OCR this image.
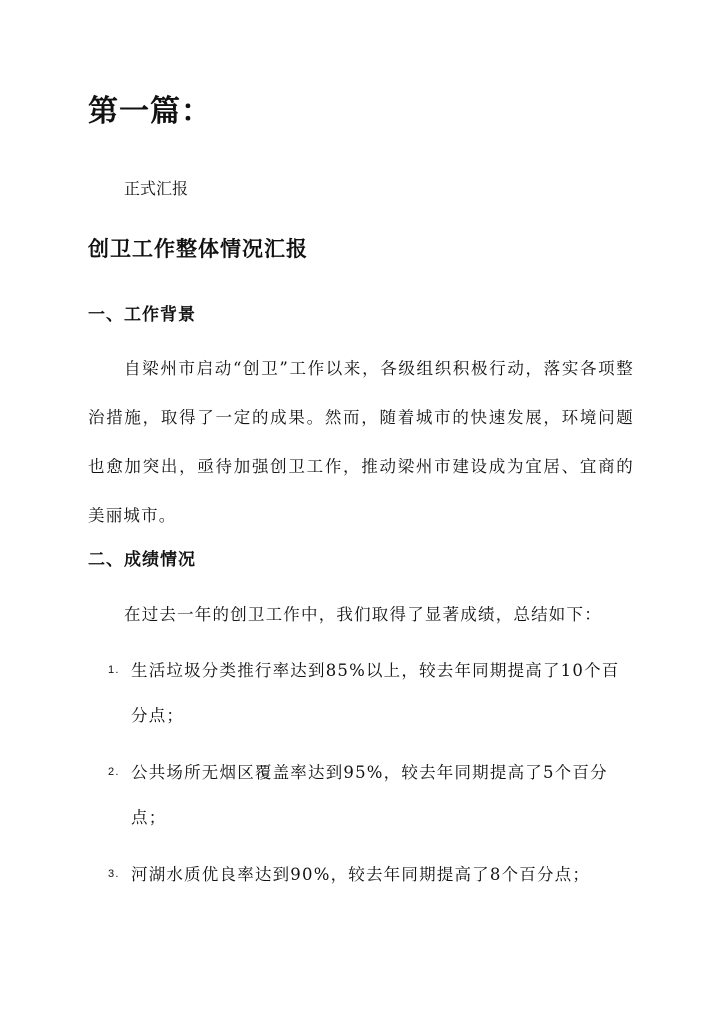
第一篇：

正式汇报

创卫工作整体情况汇报
一、工作背景

自梁州市启动“创卫”工作以来，各级组织积极行动，落实各项整治措施，取得了一定的成果。然而，随着城市的快速发展，环境问题也愈加突出，亟待加强创卫工作，推动梁州市建设成为宜居、宜商的美丽城市。

二、成绩情况

在过去一年的创卫工作中，我们取得了显著成绩，总结如下：

1. 生活垃圾分类推行率达到85%以上，较去年同期提高了10个百分点；
2. 公共场所无烟区覆盖率达到95%，较去年同期提高了5个百分点；
3. 河湖水质优良率达到90%，较去年同期提高了8个百分点；
